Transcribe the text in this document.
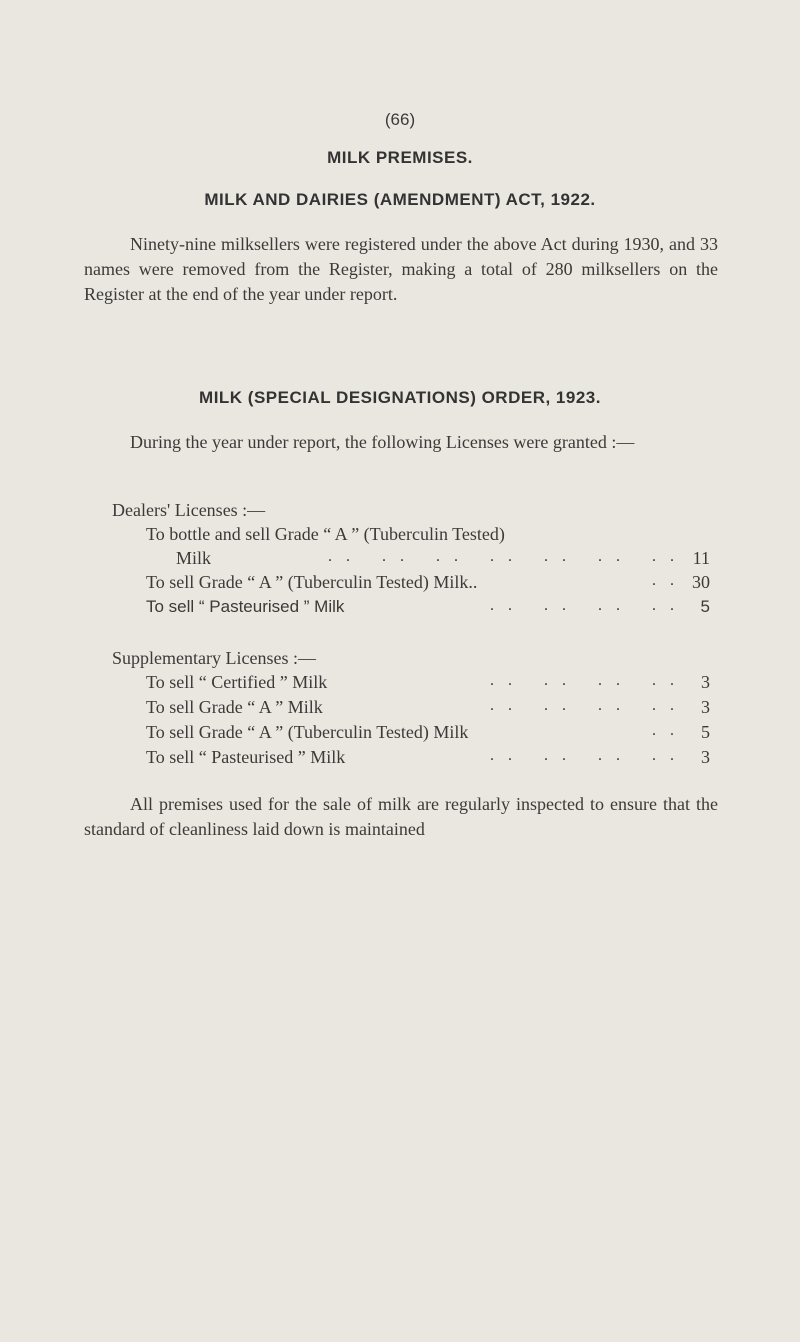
(66)
MILK PREMISES.
MILK AND DAIRIES (AMENDMENT) ACT, 1922.
Ninety-nine milksellers were registered under the above Act during 1930, and 33 names were removed from the Register, making a total of 280 milksellers on the Register at the end of the year under report.
MILK (SPECIAL DESIGNATIONS) ORDER, 1923.
During the year under report, the following Licenses were granted :—
Dealers' Licenses :—
To bottle and sell Grade “ A ” (Tuberculin Tested)
Milk	.. .. .. .. .. .. .. 11
To sell Grade “ A ” (Tuberculin Tested) Milk..	.. 30
To sell “ Pasteurised ” Milk	.. .. .. .. 5
Supplementary Licenses :—
To sell “ Certified ” Milk	.. .. .. .. 3
To sell Grade “ A ” Milk	.. .. .. .. 3
To sell Grade “ A ” (Tuberculin Tested) Milk	.. 5
To sell “ Pasteurised ” Milk	.. .. .. .. 3
All premises used for the sale of milk are regularly inspected to ensure that the standard of cleanliness laid down is maintained
